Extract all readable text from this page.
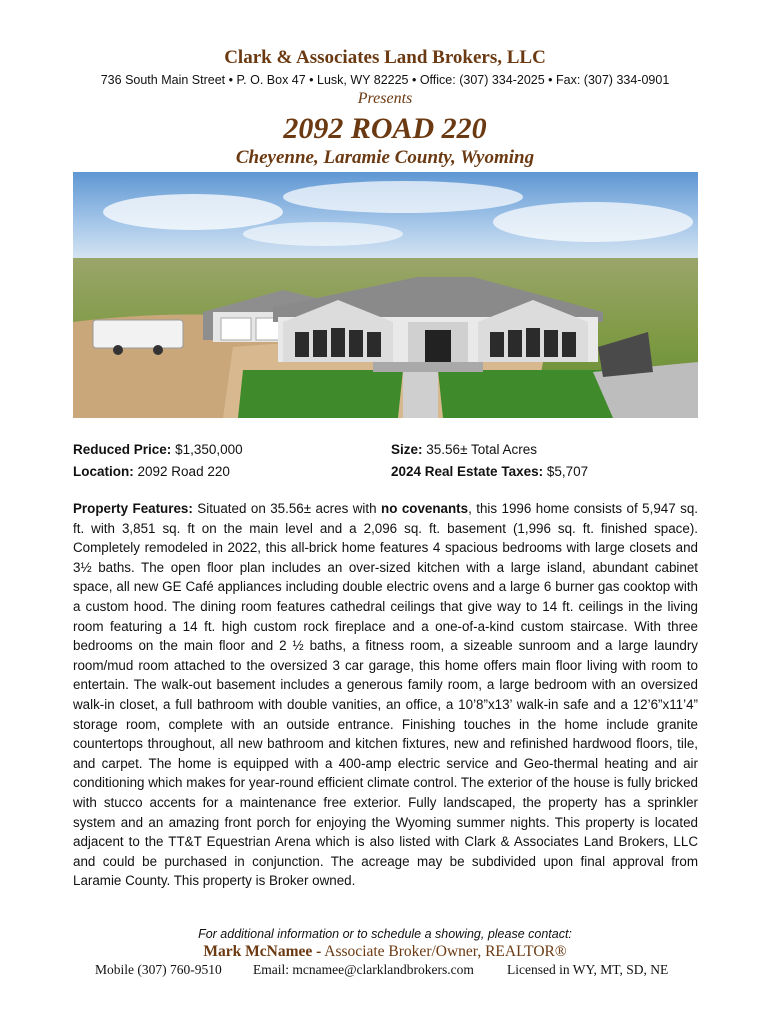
Clark & Associates Land Brokers, LLC
736 South Main Street • P. O. Box 47 • Lusk, WY 82225 • Office: (307) 334-2025 • Fax: (307) 334-0901
Presents
2092 ROAD 220
Cheyenne, Laramie County, Wyoming
Reduced Price: $1,350,000	Size: 35.56± Total Acres
Location: 2092 Road 220	2024 Real Estate Taxes: $5,707
Property Features: Situated on 35.56± acres with no covenants, this 1996 home consists of 5,947 sq. ft. with 3,851 sq. ft on the main level and a 2,096 sq. ft. basement (1,996 sq. ft. finished space). Completely remodeled in 2022, this all-brick home features 4 spacious bedrooms with large closets and 3½ baths. The open floor plan includes an over-sized kitchen with a large island, abundant cabinet space, all new GE Café appliances including double electric ovens and a large 6 burner gas cooktop with a custom hood. The dining room features cathedral ceilings that give way to 14 ft. ceilings in the living room featuring a 14 ft. high custom rock fireplace and a one-of-a-kind custom staircase. With three bedrooms on the main floor and 2 ½ baths, a fitness room, a sizeable sunroom and a large laundry room/mud room attached to the oversized 3 car garage, this home offers main floor living with room to entertain. The walk-out basement includes a generous family room, a large bedroom with an oversized walk-in closet, a full bathroom with double vanities, an office, a 10’8”x13’ walk-in safe and a 12’6”x11’4” storage room, complete with an outside entrance. Finishing touches in the home include granite countertops throughout, all new bathroom and kitchen fixtures, new and refinished hardwood floors, tile, and carpet. The home is equipped with a 400-amp electric service and Geo-thermal heating and air conditioning which makes for year-round efficient climate control. The exterior of the house is fully bricked with stucco accents for a maintenance free exterior. Fully landscaped, the property has a sprinkler system and an amazing front porch for enjoying the Wyoming summer nights. This property is located adjacent to the TT&T Equestrian Arena which is also listed with Clark & Associates Land Brokers, LLC and could be purchased in conjunction. The acreage may be subdivided upon final approval from Laramie County. This property is Broker owned.
For additional information or to schedule a showing, please contact:
Mark McNamee - Associate Broker/Owner, REALTOR®
Mobile (307) 760-9510 Email: mcnamee@clarklandbrokers.com Licensed in WY, MT, SD, NE
